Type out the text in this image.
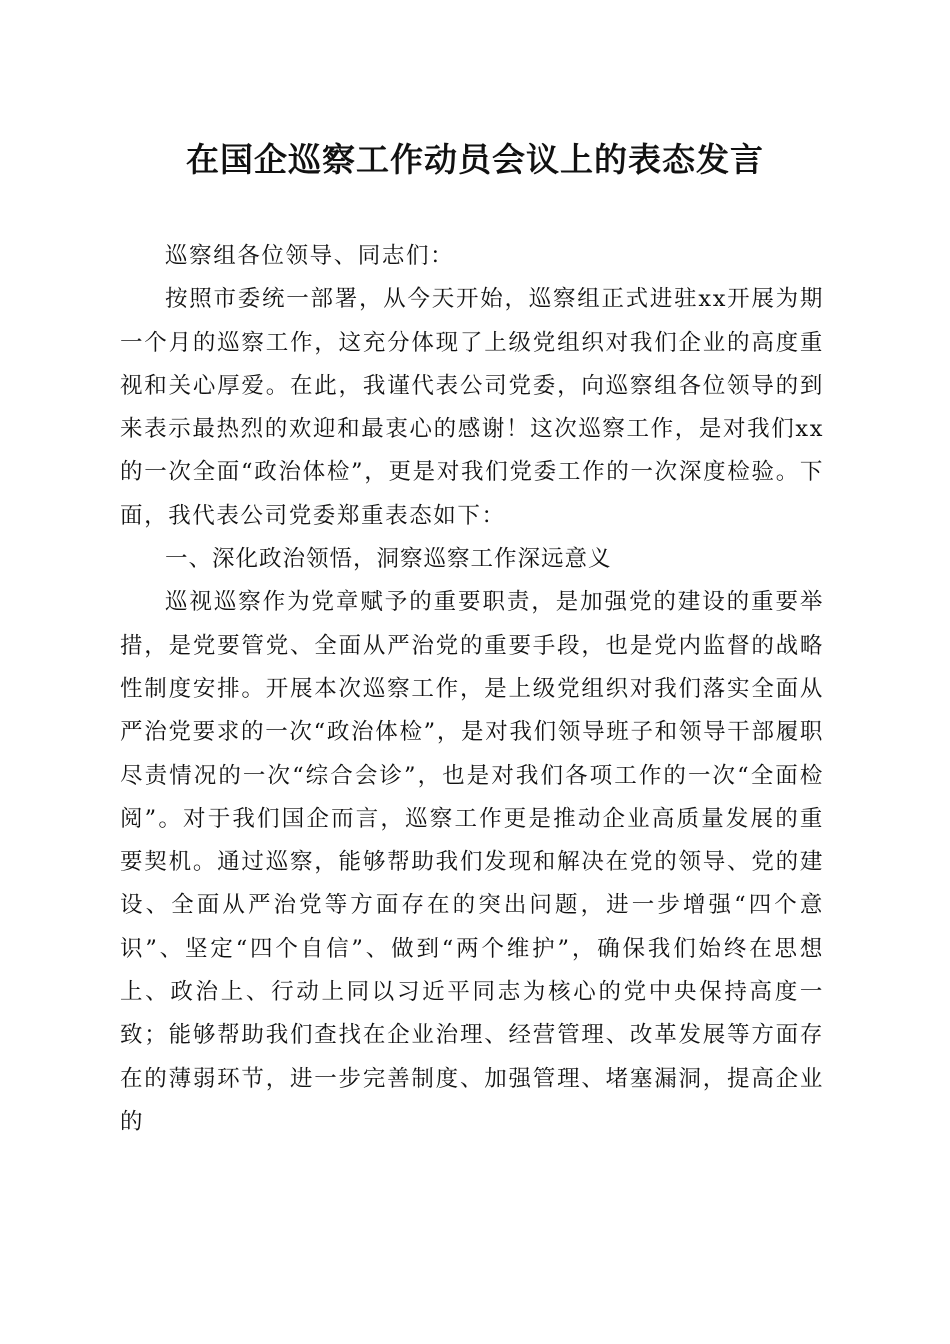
在国企巡察工作动员会议上的表态发言

巡察组各位领导、同志们：

按照市委统一部署，从今天开始，巡察组正式进驻xx开展为期一个月的巡察工作，这充分体现了上级党组织对我们企业的高度重视和关心厚爱。在此，我谨代表公司党委，向巡察组各位领导的到来表示最热烈的欢迎和最衷心的感谢！这次巡察工作，是对我们xx的一次全面“政治体检”，更是对我们党委工作的一次深度检验。下面，我代表公司党委郑重表态如下：

一、深化政治领悟，洞察巡察工作深远意义

巡视巡察作为党章赋予的重要职责，是加强党的建设的重要举措，是党要管党、全面从严治党的重要手段，也是党内监督的战略性制度安排。开展本次巡察工作，是上级党组织对我们落实全面从严治党要求的一次“政治体检”，是对我们领导班子和领导干部履职尽责情况的一次“综合会诊”，也是对我们各项工作的一次“全面检阅”。对于我们国企而言，巡察工作更是推动企业高质量发展的重要契机。通过巡察，能够帮助我们发现和解决在党的领导、党的建设、全面从严治党等方面存在的突出问题，进一步增强“四个意识”、坚定“四个自信”、做到“两个维护”，确保我们始终在思想上、政治上、行动上同以习近平同志为核心的党中央保持高度一致；能够帮助我们查找在企业治理、经营管理、改革发展等方面存在的薄弱环节，进一步完善制度、加强管理、堵塞漏洞，提高企业的
